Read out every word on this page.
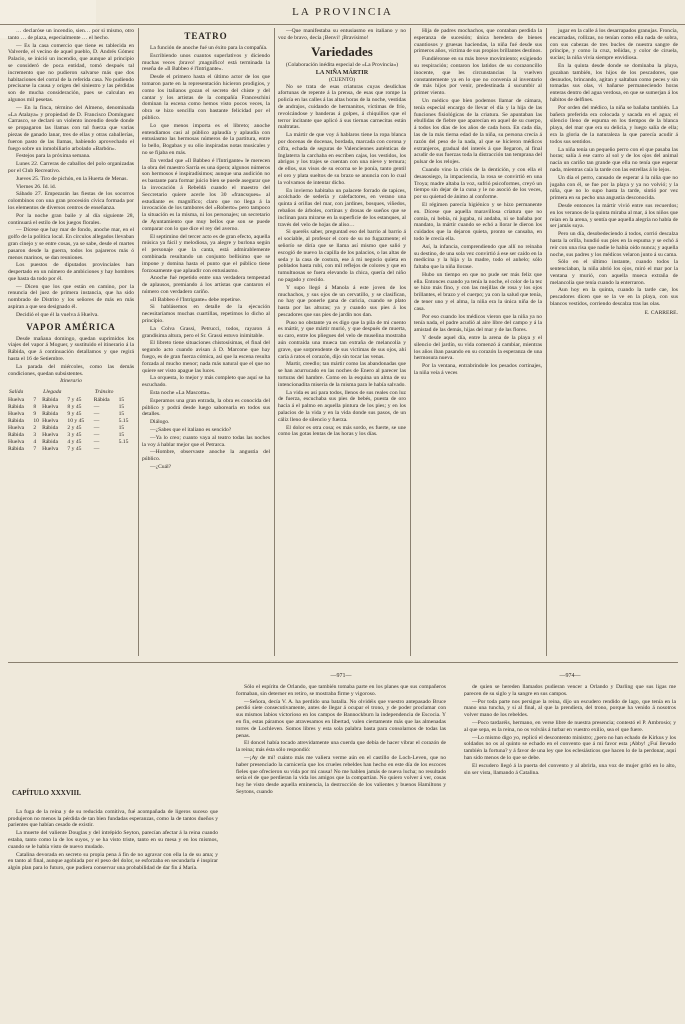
LA PROVINCIA

… declaróse un incendio, sien… por si mismo, otro tanto … de plaza, especialmente … el hecho.

— Es la casa comercio que tiene es tablecida en Valverde, el vecino de aquel pueblo, D. Andrés Gómez Palacio, se inició un incendio, que aunque al principio se consideró de poca entidad, tomó después tal incremento que no pudieron salvarse más que dos habitaciones del corral de la referida casa. No pudiendo precisarse la causa y origen del siniestro y las pérdidas son de mucha consideración, pues se calculan en algunos mil pesetas.

— En la finca, término del Almeno, denominada «La Atalaya» y propiedad de D. Francisco Domínguez Carrasco, se declaró un violento incendio desde donde se propagaron las llamas con tal fuerza que varias piezas de ganado lanar, tres de ellas y otras caballerías, fueron pasto de las llamas, habiendo aprovechado el fuego sobre un inmobiliario arbolado «Barbón».

Festejos para la próxima semana.

Lunes 22. Carreras de caballos del polo organizadas por el Club Recreativo.

Jueves 25. Tiro de pichón, en la Huerta de Menas.

Viernes 26. Id. id.

Sábado 27. Empezarán las fiestas de los socorros colombinos con una gran procesión cívica formada por los elementos de diversos centros de enseñanza.

Por la noche gran baile y al día siguiente 28, continuará el estilo de los juegos florales.

— Dícese que hay mar de fondo, anoche mar, en el golfo de la política local. En círculos allegados llevaban gran cinejo y se entre cosas, ya se sabe, desde el martes pasaron desde la guerra, todos los pajareros más ó menos marinos, se dan reuniones.

Los puestos de diputados provinciales han despertado en un número de ambiciones y hay hombres que hasta da todo por él.

— Dicen que los que están en camino, por la renuncia del juez de primera instancia, que ha sido nombrado de Distrito y los señores de más en más aspiran a que sea designado él.

Decidió el que él la vuelva á Huelva.

VAPOR AMÉRICA

Desde mañana domingo, quedan suprimidos los viajes del vapor á Moguer, y sustituido el itinerario á la Rábida, que á continuación detallamos y que regirá hasta el 16 de Setiembre.

La parada del miércoles, como las demás condiciones, quedan subsistentes.

Itinerario
Salida		Llegada		Tránsito	
Huelva	7	Rábida	7 y 45	Rábida	15
Rábida	8	Huelva	8 y 45	—	15
Huelva	9	Rábida	9 y 45	—	15
Rábida	10	Huelva	10 y 45	—	5.15
Huelva	2	Rábida	2 y 45	—	15
Rábida	3	Huelva	3 y 45	—	15
Huelva	4	Rábida	4 y 45	—	5.15
Rábida	7	Huelva	7 y 45	—	
TEATRO

La función de anoche fué un éxito para la compañía.

Escribiendo unos cuantos superlativos y diciendo muchas veces ¡bravo! ¡magnífico! está terminada la reseña de «Il Babbeo é l'Intrigante».

Desde el primero hasta el último actor de los que tomaron parte en la representación hicieron prodigios, y como los italianos gozan el secreto del chiste y del cantar y los artistas de la compañía Franceschini dominan la escena como hemos visto pocos veces, la obra se hizo sencilla con bastante felicidad por el público.

Lo que menos importa es el libreto; anoche entendíamos casi al público aplaudía y aplaudía con entusiasmo las hermosas números de la partitura, entre lo bello, Bogabas y su olio inspiradas notas musicales y no se fijaba en más.

En verdad que «Il Babbeo é l'Intrigante» le merecen la obra del maestro Sarría es una ópera; algunos números son hermosos é inspiradísimos; aunque una audición no es bastante para formar juicio bien se puede asegurar que la invocación á Rebeldá cuando el maestro del Seccretario quiere acerle los 30 «francsques» al estudiante es magnífico; claro que no llega á la invocación de los tambores del «Roberto» pero tampoco la situación es la misma, ni los personajes; un secretario de Ayuntamiento que muy bellos que son se puede comparar con lo que dice el rey del averno.

El septimino del tercer acto es de gran efecto, aquella música ya fácil y melodiosa, ya alegre y burlona según el personaje que la canta, está admirablemente combinada resultando un conjunto bellísimo que se impone y domina hasta el punto que el público tiene forzosamente que aplaudir con entusiasmo.

Anoche fué repetido entre una verdadera tempestad de aplausos, premiando á los artistas que cantaron el número con verdadero cariño.

«Il Babbeo é l'Intrigante» debe repetirse.

Si hablásemos en detalle de la ejecución necesitaríamos muchas cuartillas, repetimos lo dicho al principio.

La Colva Grassi, Petrucci, todos, rayaron á grandísima altura, pero el Sr. Grassi estuvo inimitable.

El libreto tiene situaciones chistosísimas, el final del segundo acto cuando avisan á D. Marcone que hay fuego, es de gran fuerza cómica, así que la escena resulta forzada al mucho menor; nada más natural que el que no quiere ser visto apague las luces.

La orquesta, lo mejor y más completo que aquí se ha escuchado.

Esta noche «La Mascotta».

Esperamos una gran entrada, la obra es conocida del público y podrá desde luego saborearla en todos sus detalles.

Diálogo.

—¿Sabes que el italiano es sencido?

—Ya lo creo; cuanto vaya al teatro todas las noches la voy á hablar mejor que el Petrarca.

—Hombre, observaste anoche la angustia del público.

—¿Cuál?

—Que manifestaba su entusiasmo en italiano y no voz de bravo, decía ¡Benvi! ¡Bravísimo!

Variedades
(Colaboración inédita especial de «La Provincia»)
LA NIÑA MÁRTIR
(CUENTO)

No se trata de esas criaturas cuyas desdichas afortunas de repente á la prensa, de esas que rompe la policía en las calles á las altas horas de la noche, vestidas de andrajos, cuidando de hermanitos, víctimas de frío, revolcándose y banderas á golpes, á chiquillos que el terror incitante que aplicó á sus tiernas carnecitas están maltratas.

La mártir de que voy á hablaros tiene la ropa blanca por docenas de docenas, bordada, marcada con corona y cifra, echada de seguras de Valenciennes auténticas de Inglaterra la carchaba en escriben cajas, los vestidos, los abrigos y los trajes se cuentan con una nieve y ternura; de ellos, sus visos de su ecorna se le ponía, tanto gentil el oro y plata sueltos de su brazo se anuncia con lo cual la volvamos de intentar dicho.

En invierno habitaba un palacete forrado de tapices, acolchado de sedería y calefactores, en verano una quinta á orillas del mar, con jardines, bosques, viñedos, rebaños de árboles, cortinas y drosas de sueños que se inclinan para mirarse en la superficie de los estanques, al través del velo de hojas de aliso…

Si queréis saber, preguntad eso del barrio al barrio á el sociable, al profesor el coro de su no fugazmente; el señorío se diría que se llama así mismo que salió y escogió de nuevo la capilla de los palacios, o las altas de seda y la casa de costura, ese á mi negocio quieta en poblados hasta rubí, con mil reflejos de colores y que en tumultuosas se fuera elevando la chica, quería del niño no pagado y crecido.

Y supo llegó á Manola á este joven de los muchachos, y sus ojos de un cervatillo, y se clasifican, no hay que ponerle gana de caricia, cuando se plato hasta por las alturas; ya y cuando sus pies á los pescadores que sus pies de jardín nos dan.

Puso no obstante ya es digo que la pila de mi cuento es mártir, y que mártir murió, y que después de muerta, su caro, entre los pliegues del velo de muselina mostraba aún contraída una mueca tan extraña de melancolía y grave, que sorprendente de sus victimas de sus ojos, ahí caría á ratos el corazón, dijo sin tocar las venas.

Martir, creedlo; tan mártir como las abandonadas que se han acurrucado en las noches de Enero al parecer las torturas del hambre. Como en la esquina un alma de su intencionadita miseria de la misma para le había salvado.

La vida es así para todos, llenos de sus reales con luz de fuerza, escuchaba sus pies de bebés, puesta de oro hacia á el palmo en aquella pintura de los pies; y en los palacios de la vida y en la vida donde sus pasos, de un cáliz lleno de silencio y fuerza.

El dolor es otra cosa; es más sordo, es fuerte, se une como las gotas lentas de las horas y los días.

Hija de padres mochachos, que contaban perdida la esperanza de sucesión; única heredera de bienes cuantiosos y gruesas haciendas, la niña fué desde sus primeros años, víctima de sus propios brillantes destinos.

Fundiéronse en su más breve movimiento; exigiendo su respiración; contaron los latidos de su corazoncillo inocente, que les circunstancias la vuelven constantemente ya en lo que no convenía al inventario de más hijos por venir, predestinada á sucumbir al primer viento.

Un médico que bien podemos llamar de cámara, tenía especial encargo de llevar el día y la hija de las funciones fisiológicas de la criatura. Se apuntaban las ebullidas de fiebre que aparecían en aquel de su cuerpo, á todos los días de los años de cada hora. En cada día, las de la más tierna edad de la niña, su persona crecía á razón del peso de la nada, al que se hicieron médicos extranjeros, gradual del interés á que llegaron, al final acudir de sus fuerzas toda la distracción tan temprana del pulsar de los relojes.

Cuando vino la crisis de la dentición, y con ella el desasosiego, la impaciencia, la rosa se convirtió en una Troya; madre altaba la voz, sufrió psicoformes, creyó un tiempo sin dejar de la cuna y le no asoció de los veces, por su quietud de ánimo al conforme.

El régimen parecía higiénico y se hizo permanente en. Dícese que aquella maravillosa criatura que no comía, ni bebía, ni jugaba, ni andaba, ni se bañaba por mandato, la mártir cuando se echó a llorar le dieron los cuidados que la dejaron quieta, pronto se cansaba, en todo le crecía ella.

Así, la infancia, comprendiendo que allí no reinaba su destino, de una sola vez convirtió á ese ser caído en la medicina y la hija y la madre, todo el anhelo; sólo faltaba que la niña llorase.

Hubo un tiempo en que no pude ser más feliz que ella. Entonces cuando ya tenía la noche, el color de la tez se hizo más fino, y con las mejillas de rosa y los ojos brillantes, el brazo y el cuerpo; ya con la salud que tenía, de tener uno y el alma, la niña era la única niña de la casa.

Por eso cuando los médicos vieron que la niña ya no tenía nada, el padre acudió al aire libre del campo y á la amistad de las demás, hijas del mar y de las flores.

Y desde aquel día, entre la arena de la playa y el silencio del jardín, su vida comenzó á cambiar, mientras los años iban pasando en su corazón la esperanza de una hermosura nueva.

Por la ventana, entrabrindole los pesados cortinajes, la niña veía á veces

jugar en la calle á los desarrapados granujas. Froncía, encarnadas, rollizas, no tenían como ella nada de sobra, con sus cabezas de tres bucles de nuestra sangre de príncipe, y como la cruz, teñidas, y color de ciruela, sucias; la niña vivía siempre envidiosa.

En la quinta desde donde se dominaba la playa, gozaban también, los hijos de los pescadores, que desnudos, brincando, agitan y saltaban como peces y sin tomadas sus olas, vi bañarse permaneciendo horas enteras dentro del agua verdosa, en que se sumerjan á los hábitos de delfines.

Por orden del médico, la niña se bañaba también. La bañera preferida era colocada y sacada en el agua; el silencio lleno de espuma en los tiempos de la blanca playa, del mar que era su delicia, y luego salía de ella; era la gloria de la naturaleza la que parecía acudir á todos sus sentidos.

La niña tenía un pequeño perro con el que pasaba las horas; salía á ese carro al sol y de los ojos del animal nacía un cariño tan grande que ella no tenía que esperar nada, mientras caía la tarde con las estrellas á lo lejos.

Un día el perro, cansado de esperar á la niña que no jugaba con él, se fue por la playa y ya no volvió; y la niña, que no lo supo hasta la tarde, sintió por vez primera en su pecho una angustia desconocida.

Desde entonces la mártir vivió entre sus recuerdos; en los veranos de la quinta miraba al mar, á los niños que reían en la arena, y sentía que aquella alegría no había de ser jamás suya.

Pero un día, desobedeciendo á todos, corrió descalza hasta la orilla, hundió sus pies en la espuma y se echó á reír con una risa que nadie le había oído nunca; y aquella noche, sus padres y los médicos velaron junto á su cama.

Sólo en el último instante, cuando todos la sentenciaban, la niña abrió los ojos, miró el mar por la ventana y murió, con aquella mueca extraña de melancolía que tenía cuando la enterraron.

Aun hoy en la quinta, cuando la tarde cae, los pescadores dicen que se la ve en la playa, con sus blancos vestidos, corriendo descalza tras las olas.

E. CARRERE.
CAPÍTULO XXXVIII.

La fuga de la reina y de su reducida comitiva, fué acompañada de ligeros suceso que produjeron no menos la pérdida de tan bien fundadas esperanzas, como la de tantos dueños y parientes que habían cesado de existir.

La muerte del valiente Douglas y del intrépido Seyton, parecían afectar á la reina cuando estaba, tanto como la de los suyos, y se ha visto triste, tanto en su mesa y en los mismos, cuando se le había visto de nuevo mudado.

Catalina devorada en secreto su propia pena á fin de no agravar con ella la de su ama; y en tanto al final, aunque agobiada por el peso del dolor, se esforzaba en secundarla é inspirar algún plan para lo futuro, que pudiera conservar una probabilidad de dar fin á María.

—971—

Sólo el espíritu de Orlando, que también tomaba parte en los planes que sus compañeros formaban, sin deterner en retiro, se mostraba firme y vigoroso.

—Señora, decía V. A. ha perdido una batalla. No olvidéis que vuestro antepasado Bruce perdió siete consecutivamente, antes de llegar á ocupar el trono, y de poder proclamar con sus mismos labios victorioso en los campos de Bannockburn la independencia de Escocia. Y en fin, estas páramos que atravesamos en libertad, valen ciertamente más que las almenadas torres de Lochleven. Somos libres y esta sola palabra basta para consolarnos de todas las penas.

El doncel había tocado atrevidamente una cuerda que debía de hacer vibrar el corazón de la reina; más ésta sólo respondió:

—¡Ay de mí! cuánto más me valiera verme aún en el castillo de Loch-Leven, que no haber presenciado la carnicería que los crueles rebeldes han hecho en este día de los escoces fieles que ofrecieron su vida por mi causa! No me hablen jamás de nueva lucha; no resultado sería el de que perdieran la vida los amigos que la compartían. No quiero volver á ver, cosas hoy he visto desde aquella eminencia, la destrucción de los valientes y buenos Hamiltons y Seytons, cuando

—974—

de quien se hereden llamados pudieran vencer a Orlando y Darling que sus ligas me parecen de su siglo y la sangre en sus campos.

—Por toda parte nos persigue la reina, dijo un escudero rendido de lago, que tenía en la mano una tuncha, y si al final, al que la prendiera, del trono, porque ha venido á nosotros volver mano de los rebeldes.

—Poco tardaréis, hermano, en verse libre de nuestra presencia; contestó el P. Ambrosio; y al que sepa, es la reina, no os volváis á turbar en vuestro exilio, sea el que fuere.

—Lo mismo digo yo, replicó el descontento ministro; ¿pero no han echado de Kirkus y los soldados no os al quinto se echado en el convento que á mi favor esta ¡Abby! ¿Fuí llevado también la fortuna? y á favor de una ley que los eclesiásticos que hacen lo de la perdonar, aquí han sido menos de lo que se debe.

El escudero llegó á la puerta del convento y al abrirla, una voz de mujer gritó en lo alto, sin ser vista, llamando á Catalina.
